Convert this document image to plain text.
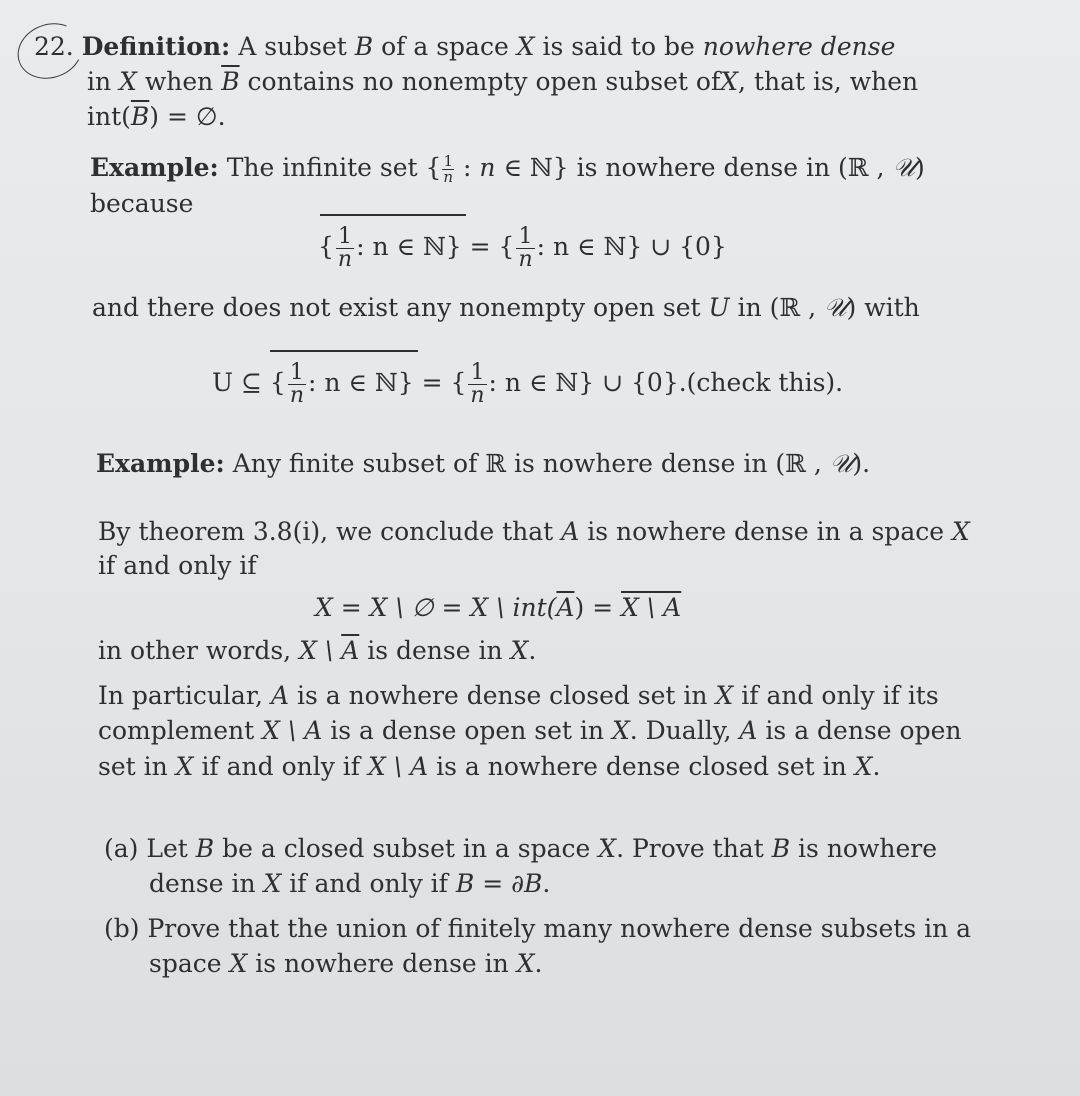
22. Definition: A subset B of a space X is said to be nowhere dense
in X when $\overline{B}$ contains no nonempty open subset ofX, that is, when
$int(\overline{B})$ = ∅.
Example: The infinite set { $\frac{1}{n}$ : n ∈ ℕ} is nowhere dense in (ℝ , 𝒰)
because
{ $\frac{1}{n}$ : n ∈ ℕ} = { $\frac{1}{n}$ : n ∈ ℕ} ∪ {0}
and there does not exist any nonempty open set U in (ℝ , 𝒰) with
U ⊆ { $\frac{1}{n}$ : n ∈ ℕ} = { $\frac{1}{n}$ : n ∈ ℕ} ∪ {0}.(check this).
Example: Any finite subset of ℝ is nowhere dense in (ℝ , 𝒰).
By theorem 3.8(i), we conclude that A is nowhere dense in a space X
if and only if
X = X \ ∅ = X \ $int(\overline{A}) = X$ \ A
in other words, X \ $\overline{A}$ is dense in X.
In particular, A is a nowhere dense closed set in X if and only if its
complement X \ A is a dense open set in X. Dually, A is a dense open
set in X if and only if X \ A is a nowhere dense closed set in X.
(a) Let B be a closed subset in a space X. Prove that B is nowhere
dense in X if and only if B = ∂B.
(b) Prove that the union of finitely many nowhere dense subsets in a
space X is nowhere dense in X.
